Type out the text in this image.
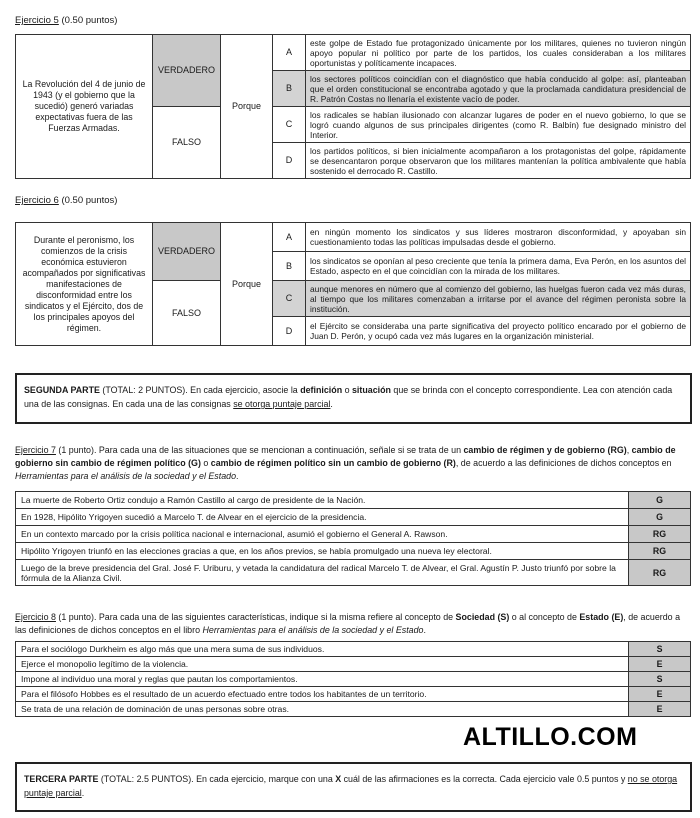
Ejercicio 5 (0.50 puntos)
La Revolución del 4 de junio de 1943 (y el gobierno que la sucedió) generó variadas expectativas fuera de las Fuerzas Armadas.	VERDADERO	Porque	A	este golpe de Estado fue protagonizado únicamente por los militares, quienes no tuvieron ningún apoyo popular ni político por parte de los partidos, los cuales consideraban a los militares oportunistas y políticamente incapaces.
			B	los sectores políticos coincidían con el diagnóstico que había conducido al golpe: así, planteaban que el orden constitucional se encontraba agotado y que la proclamada candidatura presidencial de R. Patrón Costas no llenaría el existente vacío de poder.
	FALSO		C	los radicales se habían ilusionado con alcanzar lugares de poder en el nuevo gobierno, lo que se logró cuando algunos de sus principales dirigentes (como R. Balbín) fue designado ministro del Interior.
			D	los partidos políticos, si bien inicialmente acompañaron a los protagonistas del golpe, rápidamente se desencantaron porque observaron que los militares mantenían la política ambivalente que había sostenido el derrocado R. Castillo.
Ejercicio 6 (0.50 puntos)
Durante el peronismo, los comienzos de la crisis económica estuvieron acompañados por significativas manifestaciones de disconformidad entre los sindicatos y el Ejército, dos de los principales apoyos del régimen.	VERDADERO	Porque	A	en ningún momento los sindicatos y sus líderes mostraron disconformidad, y apoyaban sin cuestionamiento todas las políticas impulsadas desde el gobierno.
			B	los sindicatos se oponían al peso creciente que tenía la primera dama, Eva Perón, en los asuntos del Estado, aspecto en el que coincidían con la mirada de los militares.
	FALSO		C	aunque menores en número que al comienzo del gobierno, las huelgas fueron cada vez más duras, al tiempo que los militares comenzaban a irritarse por el avance del régimen peronista sobre la institución.
			D	el Ejército se consideraba una parte significativa del proyecto político encarado por el gobierno de Juan D. Perón, y ocupó cada vez más lugares en la organización ministerial.
SEGUNDA PARTE (TOTAL: 2 PUNTOS). En cada ejercicio, asocie la definición o situación que se brinda con el concepto correspondiente. Lea con atención cada una de las consignas. En cada una de las consignas se otorga puntaje parcial.
Ejercicio 7 (1 punto). Para cada una de las situaciones que se mencionan a continuación, señale si se trata de un cambio de régimen y de gobierno (RG), cambio de gobierno sin cambio de régimen político (G) o cambio de régimen político sin un cambio de gobierno (R), de acuerdo a las definiciones de dichos conceptos en Herramientas para el análisis de la sociedad y el Estado.
La muerte de Roberto Ortiz condujo a Ramón Castillo al cargo de presidente de la Nación.	G
En 1928, Hipólito Yrigoyen sucedió a Marcelo T. de Alvear en el ejercicio de la presidencia.	G
En un contexto marcado por la crisis política nacional e internacional, asumió el gobierno el General A. Rawson.	RG
Hipólito Yrigoyen triunfó en las elecciones gracias a que, en los años previos, se había promulgado una nueva ley electoral.	RG
Luego de la breve presidencia del Gral. José F. Uriburu, y vetada la candidatura del radical Marcelo T. de Alvear, el Gral. Agustín P. Justo triunfó por sobre la fórmula de la Alianza Civil.	RG
Ejercicio 8 (1 punto). Para cada una de las siguientes características, indique si la misma refiere al concepto de Sociedad (S) o al concepto de Estado (E), de acuerdo a las definiciones de dichos conceptos en el libro Herramientas para el análisis de la sociedad y el Estado.
Para el sociólogo Durkheim es algo más que una mera suma de sus individuos.	S
Ejerce el monopolio legítimo de la violencia.	E
Impone al individuo una moral y reglas que pautan los comportamientos.	S
Para el filósofo Hobbes es el resultado de un acuerdo efectuado entre todos los habitantes de un territorio.	E
Se trata de una relación de dominación de unas personas sobre otras.	E
ALTILLO.COM
TERCERA PARTE (TOTAL: 2.5 PUNTOS). En cada ejercicio, marque con una X cuál de las afirmaciones es la correcta. Cada ejercicio vale 0.5 puntos y no se otorga puntaje parcial.
